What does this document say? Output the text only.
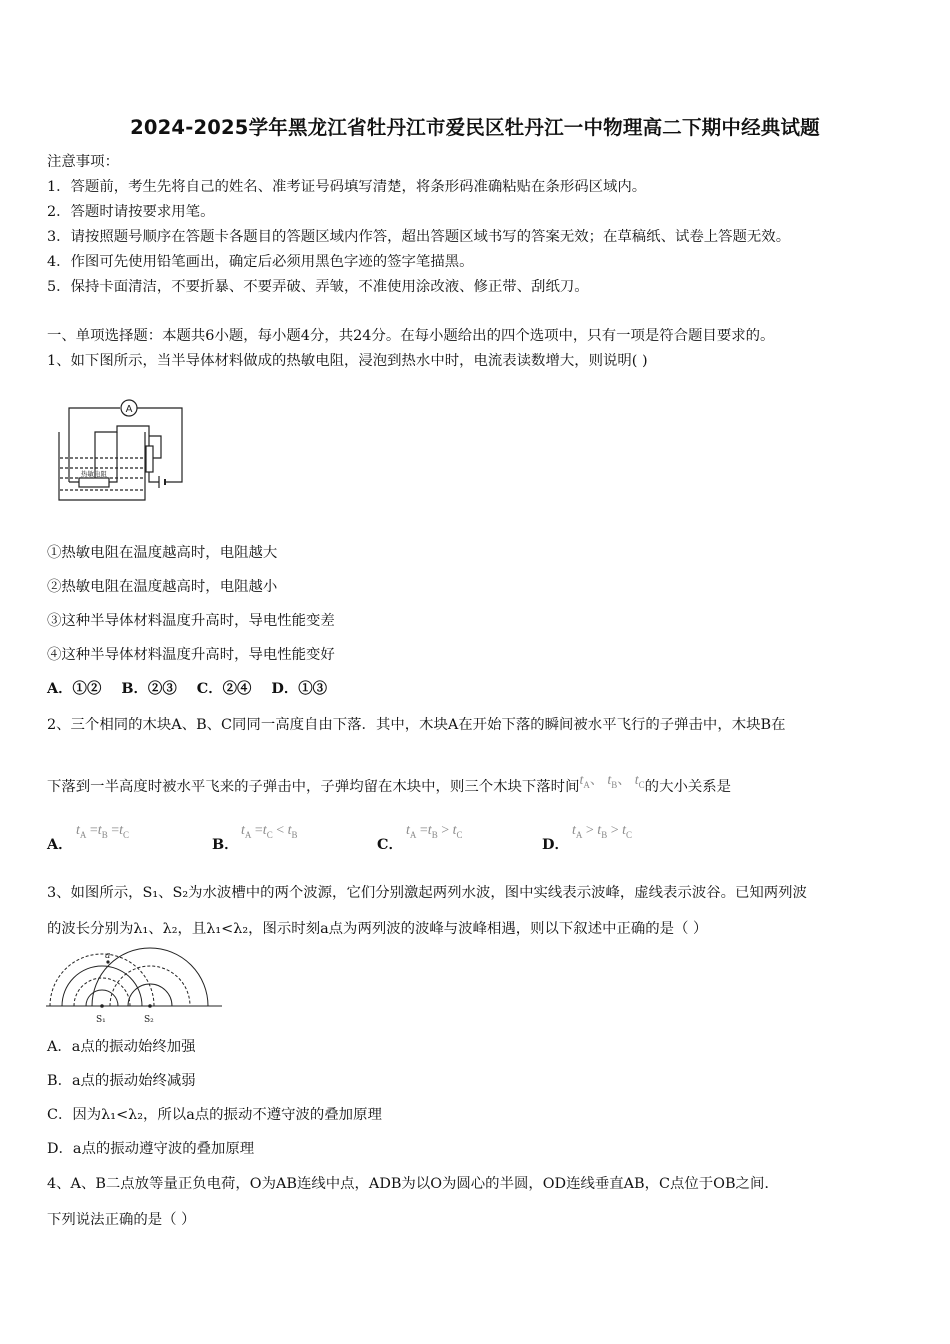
2024-2025学年黑龙江省牡丹江市爱民区牡丹江一中物理高二下期中经典试题
注意事项：
1．答题前，考生先将自己的姓名、准考证号码填写清楚，将条形码准确粘贴在条形码区域内。
2．答题时请按要求用笔。
3．请按照题号顺序在答题卡各题目的答题区域内作答，超出答题区域书写的答案无效；在草稿纸、试卷上答题无效。
4．作图可先使用铅笔画出，确定后必须用黑色字迹的签字笔描黑。
5．保持卡面清洁，不要折暴、不要弄破、弄皱，不准使用涂改液、修正带、刮纸刀。
一、单项选择题：本题共6小题，每小题4分，共24分。在每小题给出的四个选项中，只有一项是符合题目要求的。
1、如下图所示，当半导体材料做成的热敏电阻，浸泡到热水中时，电流表读数增大，则说明( )
A
热敏电阻
①热敏电阻在温度越高时，电阻越大
②热敏电阻在温度越高时，电阻越小
③这种半导体材料温度升高时，导电性能变差
④这种半导体材料温度升高时，导电性能变好
A．①②    B．②③    C．②④    D．①③
2、三个相同的木块A、B、C同同一高度自由下落．其中，木块A在开始下落的瞬间被水平飞行的子弹击中，木块B在
下落到一半高度时被水平飞来的子弹击中，子弹均留在木块中，则三个木块下落时间$t_A$、 $t_B$、 $t_C$的大小关系是
A．
$t_A =t_B =t_C$
B．
$t_A =t_C < t_B$
C．
$t_A =t_B > t_C$
D．
$t_A > t_B > t_C$
3、如图所示，S₁、S₂为水波槽中的两个波源，它们分别激起两列水波，图中实线表示波峰，虚线表示波谷。已知两列波
的波长分别为λ₁、λ₂，且λ₁<λ₂，图示时刻a点为两列波的波峰与波峰相遇，则以下叙述中正确的是（ ）
a
S₁	S₂
A．a点的振动始终加强
B．a点的振动始终减弱
C．因为λ₁<λ₂，所以a点的振动不遵守波的叠加原理
D．a点的振动遵守波的叠加原理
4、A、B二点放等量正负电荷，O为AB连线中点，ADB为以O为圆心的半圆，OD连线垂直AB，C点位于OB之间.
下列说法正确的是（ ）
